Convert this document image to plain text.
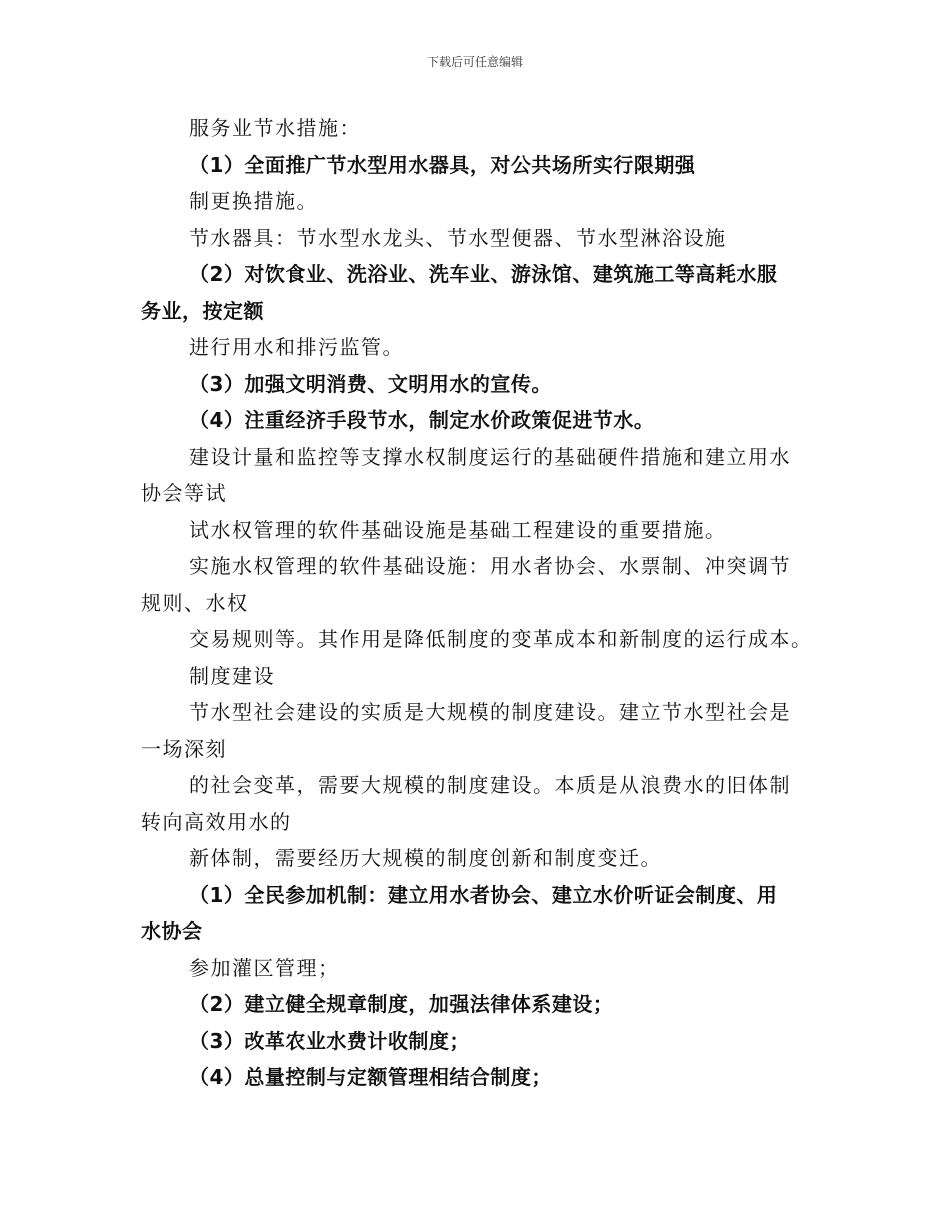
下载后可任意编辑

服务业节水措施：

（1）全面推广节水型用水器具，对公共场所实行限期强

制更换措施。

节水器具：节水型水龙头、节水型便器、节水型淋浴设施

（2）对饮食业、洗浴业、洗车业、游泳馆、建筑施工等高耗水服

务业，按定额

进行用水和排污监管。

（3）加强文明消费、文明用水的宣传。

（4）注重经济手段节水，制定水价政策促进节水。

建设计量和监控等支撑水权制度运行的基础硬件措施和建立用水

协会等试

试水权管理的软件基础设施是基础工程建设的重要措施。

实施水权管理的软件基础设施：用水者协会、水票制、冲突调节

规则、水权

交易规则等。其作用是降低制度的变革成本和新制度的运行成本。

制度建设

节水型社会建设的实质是大规模的制度建设。建立节水型社会是

一场深刻

的社会变革，需要大规模的制度建设。本质是从浪费水的旧体制

转向高效用水的

新体制，需要经历大规模的制度创新和制度变迁。

（1）全民参加机制：建立用水者协会、建立水价听证会制度、用

水协会

参加灌区管理；

（2）建立健全规章制度，加强法律体系建设；

（3）改革农业水费计收制度；

（4）总量控制与定额管理相结合制度；
